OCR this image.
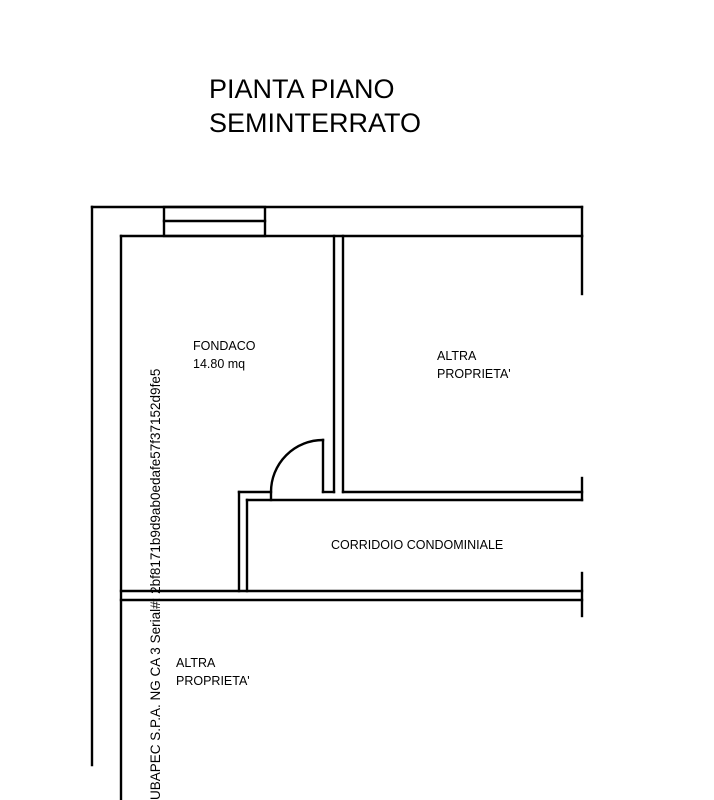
PIANTA PIANO
SEMINTERRATO
FONDACO
14.80 mq
ALTRA
PROPRIETA'
CORRIDOIO CONDOMINIALE
ALTRA
PROPRIETA'
UBAPEC S.P.A. NG CA 3 Serial#: 2bf8171b9d9ab0edafe57f37152d9fe5
